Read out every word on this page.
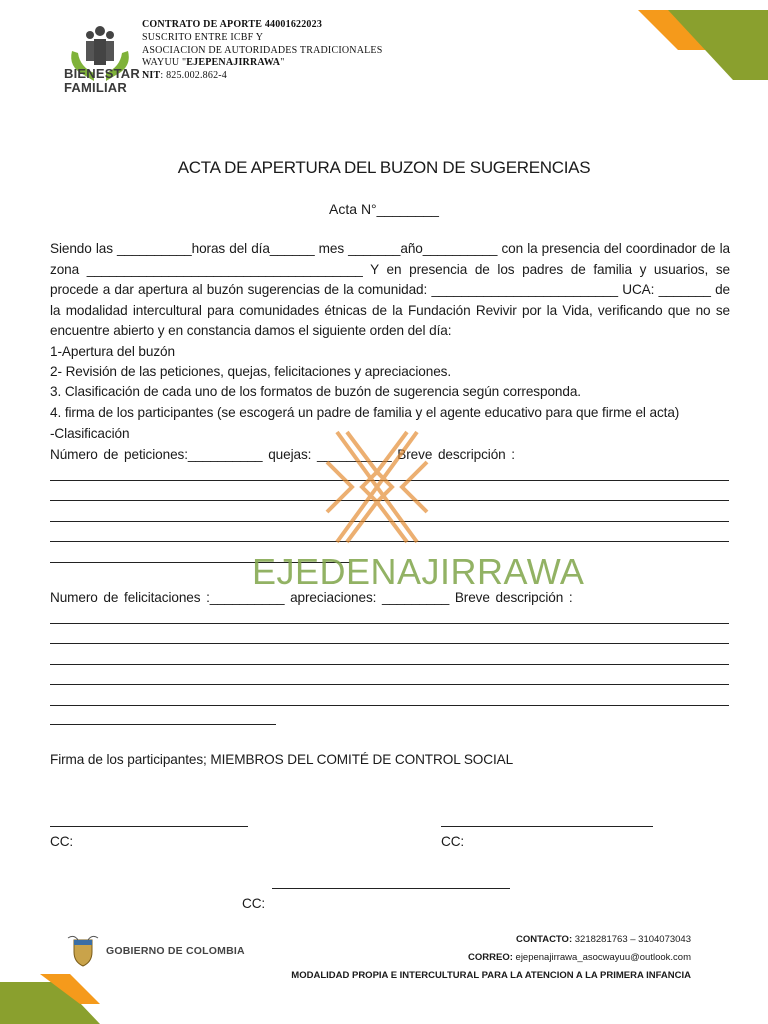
BIENESTAR
FAMILIAR
CONTRATO DE APORTE 44001622023
SUSCRITO ENTRE ICBF Y
ASOCIACION DE AUTORIDADES TRADICIONALES
WAYUU "EJEPENAJIRRAWA"
NIT: 825.002.862-4
ACTA DE APERTURA DEL BUZON DE SUGERENCIAS
Acta N°________
Siendo las __________horas del día______ mes _______año__________ con la presencia del coordinador de la zona _____________________________________ Y en presencia de los padres de familia y usuarios, se procede a dar apertura al buzón sugerencias de la comunidad: _________________________ UCA: _______ de la modalidad intercultural para comunidades étnicas de la Fundación Revivir por la Vida, verificando que no se encuentre abierto y en constancia damos el siguiente orden del día:
1-Apertura del buzón
2- Revisión de las peticiones, quejas, felicitaciones y apreciaciones.
3. Clasificación de cada uno de los formatos de buzón de sugerencia según corresponda.
4. firma de los participantes (se escogerá un padre de familia y el agente educativo para que firme el acta)
-Clasificación
Número de peticiones:__________ quejas: __________ Breve descripción :
EJEDENAJIRRAWA
Numero de felicitaciones :__________ apreciaciones: _________ Breve descripción :
Firma de los participantes; MIEMBROS DEL COMITÉ DE CONTROL SOCIAL
CC:	CC:
CC:
GOBIERNO DE COLOMBIA
CONTACTO: 3218281763 – 3104073043
CORREO: ejepenajirrawa_asocwayuu@outlook.com
MODALIDAD PROPIA E INTERCULTURAL PARA LA ATENCION A LA PRIMERA INFANCIA
